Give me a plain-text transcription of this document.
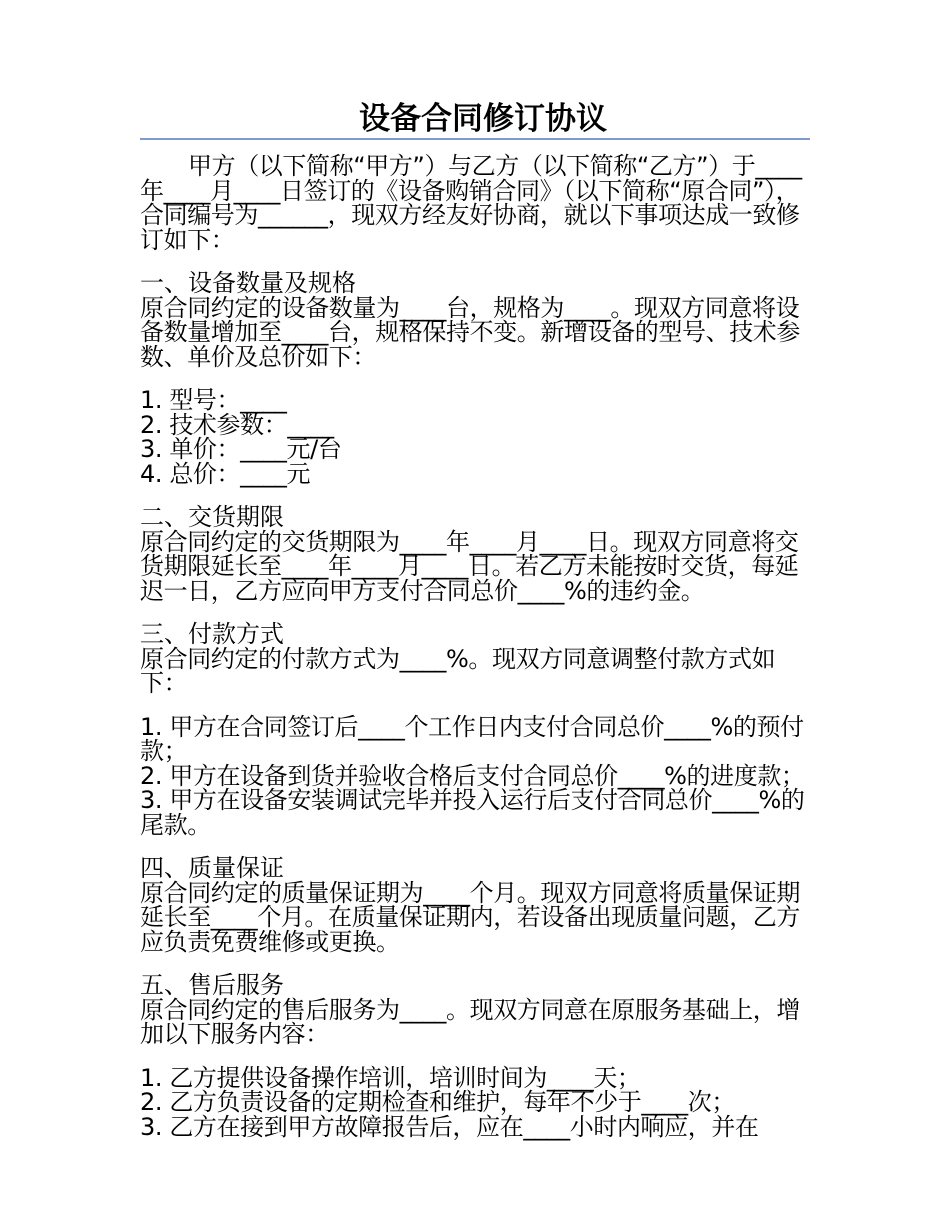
设备合同修订协议

甲方（以下简称“甲方”）与乙方（以下简称“乙方”）于____年____月____日签订的《设备购销合同》（以下简称“原合同”），合同编号为______，现双方经友好协商，就以下事项达成一致修订如下：

一、设备数量及规格

原合同约定的设备数量为____台，规格为____。现双方同意将设备数量增加至____台，规格保持不变。新增设备的型号、技术参数、单价及总价如下：

1. 型号：____

2. 技术参数：____

3. 单价：____元/台

4. 总价：____元

二、交货期限

原合同约定的交货期限为____年____月____日。现双方同意将交货期限延长至____年____月____日。若乙方未能按时交货，每延迟一日，乙方应向甲方支付合同总价____%的违约金。

三、付款方式

原合同约定的付款方式为____%。现双方同意调整付款方式如下：

1. 甲方在合同签订后____个工作日内支付合同总价____%的预付款；

2. 甲方在设备到货并验收合格后支付合同总价____%的进度款；

3. 甲方在设备安装调试完毕并投入运行后支付合同总价____%的尾款。

四、质量保证

原合同约定的质量保证期为____个月。现双方同意将质量保证期延长至____个月。在质量保证期内，若设备出现质量问题，乙方应负责免费维修或更换。

五、售后服务

原合同约定的售后服务为____。现双方同意在原服务基础上，增加以下服务内容：

1. 乙方提供设备操作培训，培训时间为____天；

2. 乙方负责设备的定期检查和维护，每年不少于____次；

3. 乙方在接到甲方故障报告后，应在____小时内响应，并在
